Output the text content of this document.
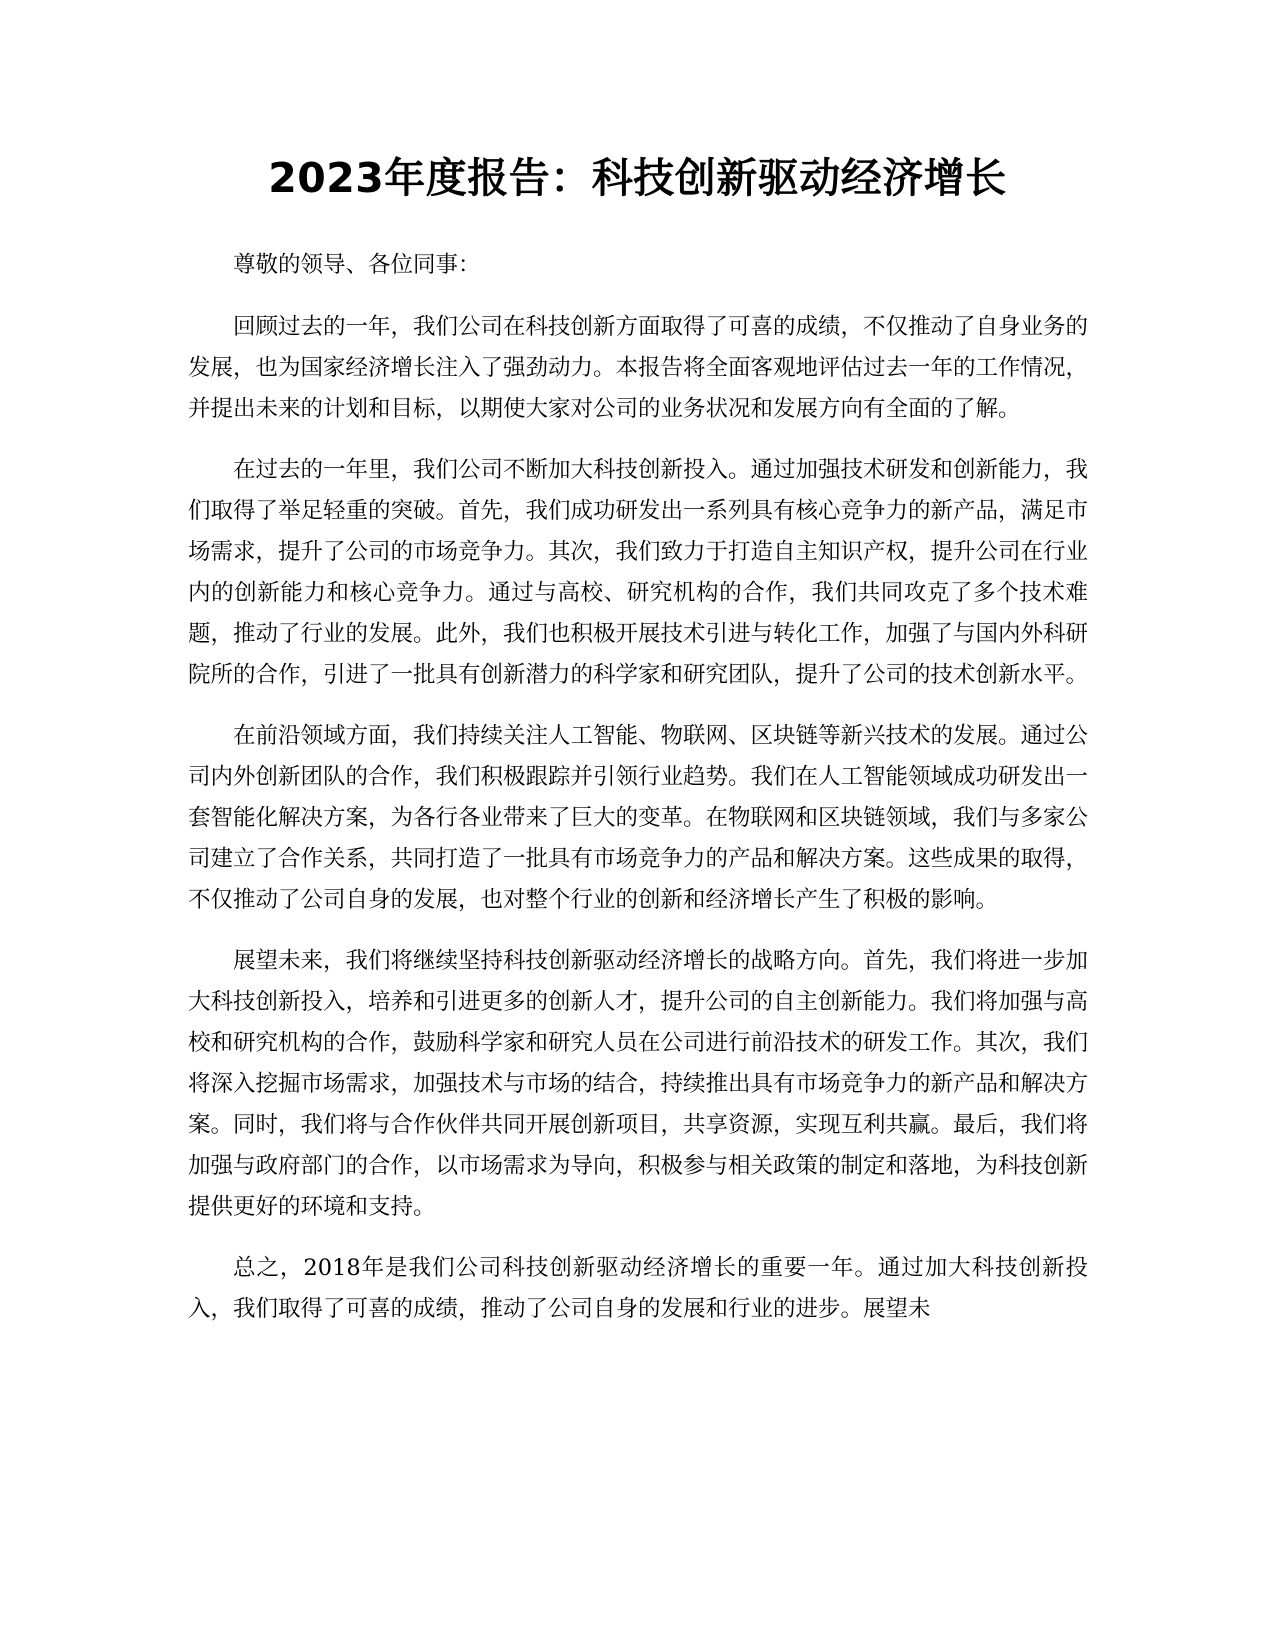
2023年度报告：科技创新驱动经济增长

尊敬的领导、各位同事：

回顾过去的一年，我们公司在科技创新方面取得了可喜的成绩，不仅推动了自身业务的发展，也为国家经济增长注入了强劲动力。本报告将全面客观地评估过去一年的工作情况，并提出未来的计划和目标，以期使大家对公司的业务状况和发展方向有全面的了解。

在过去的一年里，我们公司不断加大科技创新投入。通过加强技术研发和创新能力，我们取得了举足轻重的突破。首先，我们成功研发出一系列具有核心竞争力的新产品，满足市场需求，提升了公司的市场竞争力。其次，我们致力于打造自主知识产权，提升公司在行业内的创新能力和核心竞争力。通过与高校、研究机构的合作，我们共同攻克了多个技术难题，推动了行业的发展。此外，我们也积极开展技术引进与转化工作，加强了与国内外科研院所的合作，引进了一批具有创新潜力的科学家和研究团队，提升了公司的技术创新水平。

在前沿领域方面，我们持续关注人工智能、物联网、区块链等新兴技术的发展。通过公司内外创新团队的合作，我们积极跟踪并引领行业趋势。我们在人工智能领域成功研发出一套智能化解决方案，为各行各业带来了巨大的变革。在物联网和区块链领域，我们与多家公司建立了合作关系，共同打造了一批具有市场竞争力的产品和解决方案。这些成果的取得，不仅推动了公司自身的发展，也对整个行业的创新和经济增长产生了积极的影响。

展望未来，我们将继续坚持科技创新驱动经济增长的战略方向。首先，我们将进一步加大科技创新投入，培养和引进更多的创新人才，提升公司的自主创新能力。我们将加强与高校和研究机构的合作，鼓励科学家和研究人员在公司进行前沿技术的研发工作。其次，我们将深入挖掘市场需求，加强技术与市场的结合，持续推出具有市场竞争力的新产品和解决方案。同时，我们将与合作伙伴共同开展创新项目，共享资源，实现互利共赢。最后，我们将加强与政府部门的合作，以市场需求为导向，积极参与相关政策的制定和落地，为科技创新提供更好的环境和支持。

总之，2018年是我们公司科技创新驱动经济增长的重要一年。通过加大科技创新投入，我们取得了可喜的成绩，推动了公司自身的发展和行业的进步。展望未
